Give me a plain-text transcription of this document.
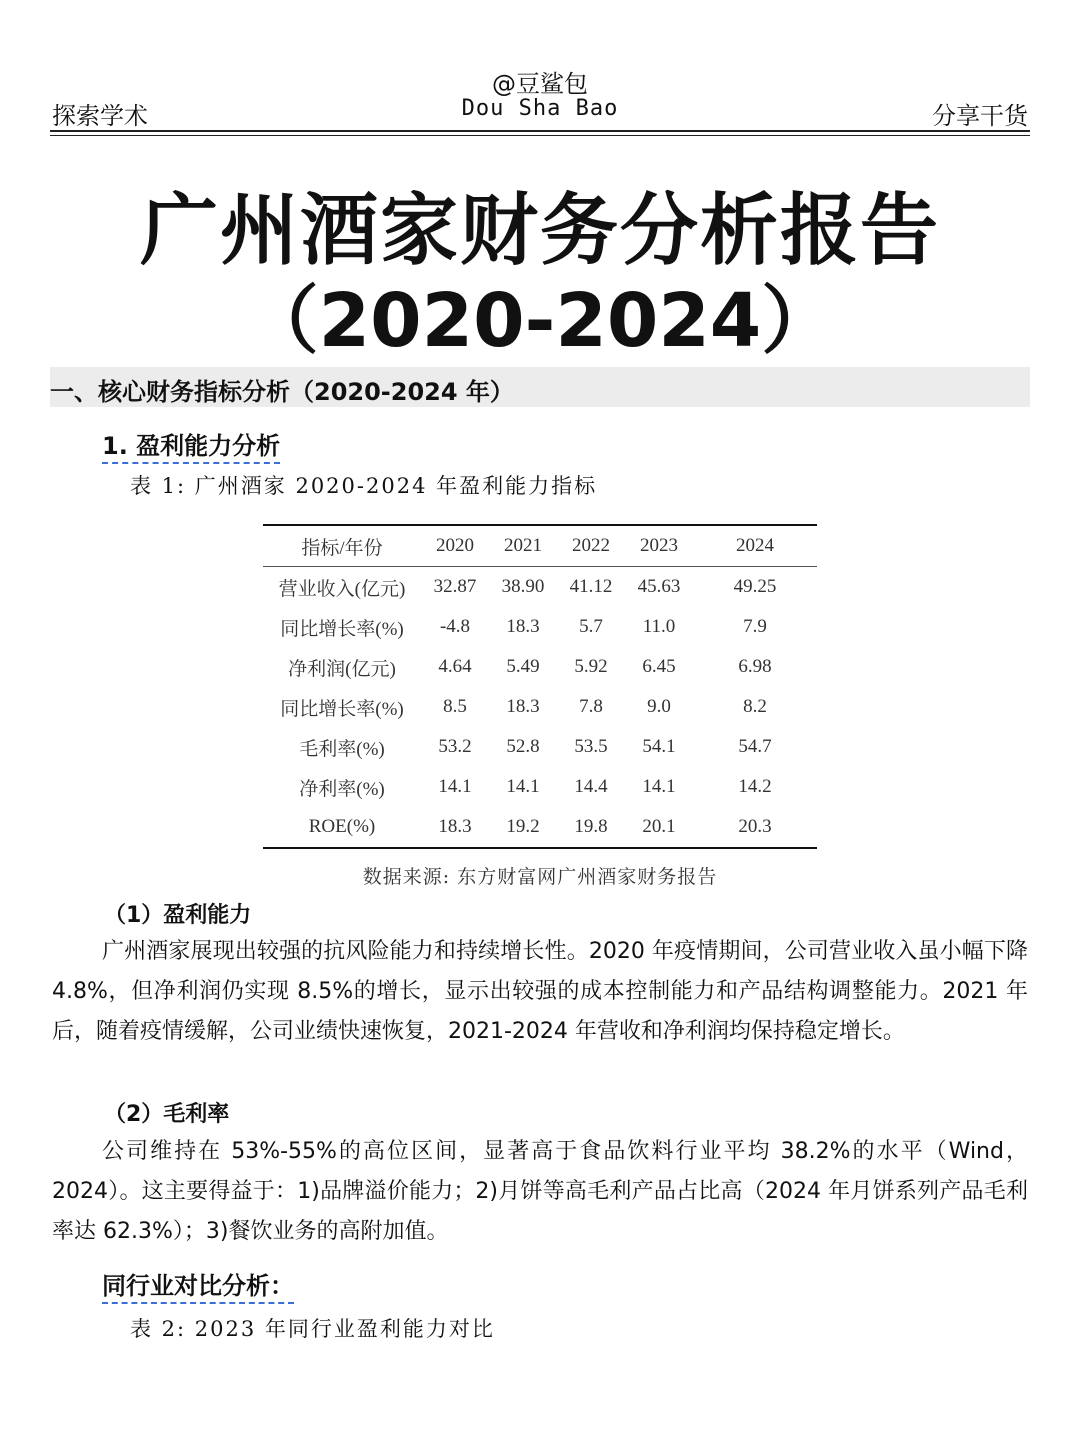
@豆鲨包
Dou Sha Bao
探索学术	分享干货
广州酒家财务分析报告
（2020-2024）
一、核心财务指标分析（2020-2024 年）
1. 盈利能力分析
表 1: 广州酒家 2020-2024 年盈利能力指标
指标/年份	2020	2021	2022	2023	2024
营业收入(亿元)	32.87	38.90	41.12	45.63	49.25
同比增长率(%)	-4.8	18.3	5.7	11.0	7.9
净利润(亿元)	4.64	5.49	5.92	6.45	6.98
同比增长率(%)	8.5	18.3	7.8	9.0	8.2
毛利率(%)	53.2	52.8	53.5	54.1	54.7
净利率(%)	14.1	14.1	14.4	14.1	14.2
ROE(%)	18.3	19.2	19.8	20.1	20.3
数据来源: 东方财富网广州酒家财务报告
（1）盈利能力
广州酒家展现出较强的抗风险能力和持续增长性。2020 年疫情期间，公司营业收入虽小幅下降 4.8%，但净利润仍实现 8.5%的增长，显示出较强的成本控制能力和产品结构调整能力。2021 年后，随着疫情缓解，公司业绩快速恢复，2021-2024 年营收和净利润均保持稳定增长。
（2）毛利率
公司维持在 53%-55%的高位区间，显著高于食品饮料行业平均 38.2%的水平（Wind，2024）。这主要得益于：1)品牌溢价能力；2)月饼等高毛利产品占比高（2024 年月饼系列产品毛利率达 62.3%）；3)餐饮业务的高附加值。
同行业对比分析：
表 2: 2023 年同行业盈利能力对比
